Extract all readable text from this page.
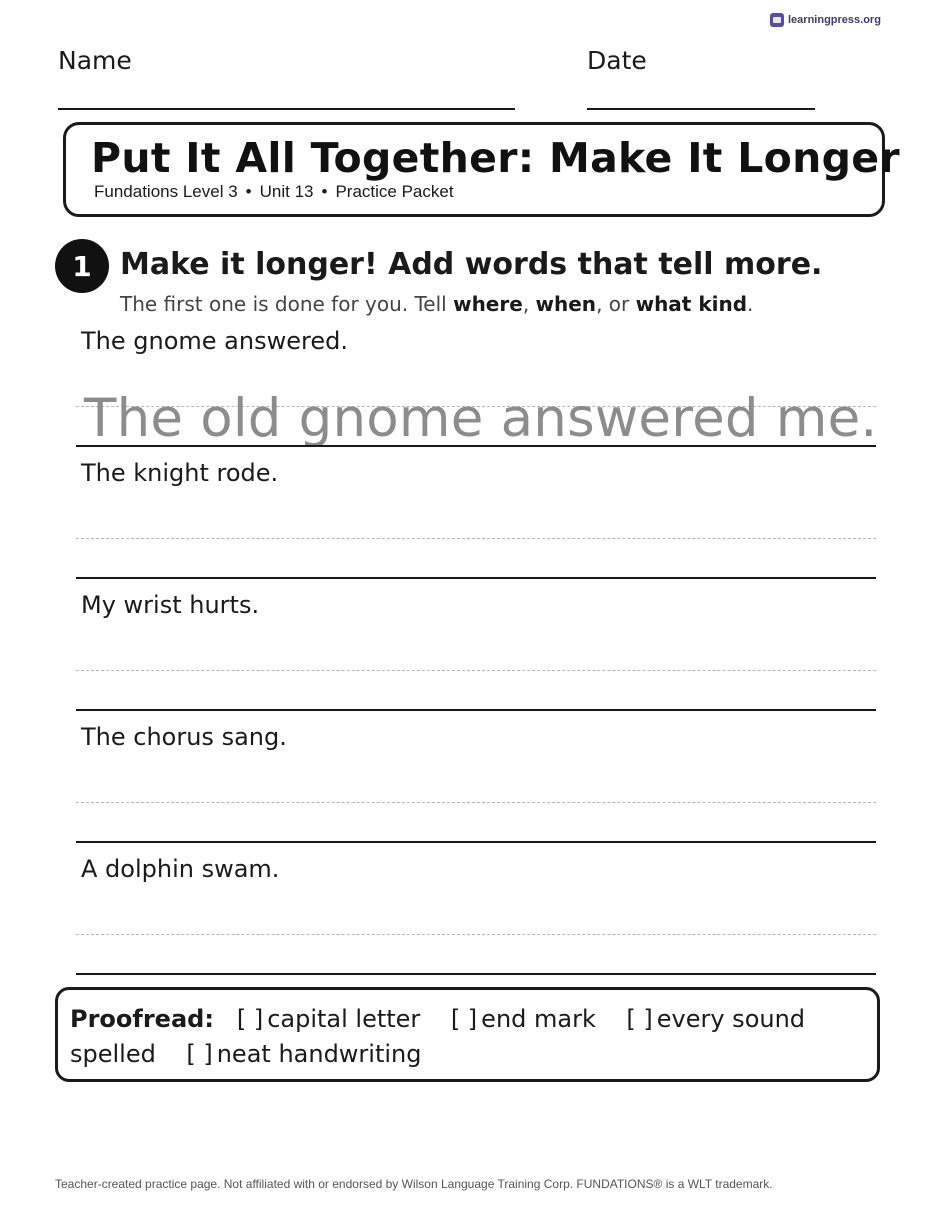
learningpress.org
Name	Date
Put It All Together: Make It Longer
Fundations Level 3 • Unit 13 • Practice Packet
1 Make it longer! Add words that tell more.
The first one is done for you. Tell where, when, or what kind.
The gnome answered.
The old gnome answered me.
The knight rode.
My wrist hurts.
The chorus sang.
A dolphin swam.
Proofread: [ ] capital letter [ ] end mark [ ] every sound spelled [ ] neat handwriting
Teacher-created practice page. Not affiliated with or endorsed by Wilson Language Training Corp. FUNDATIONS® is a WLT trademark.
